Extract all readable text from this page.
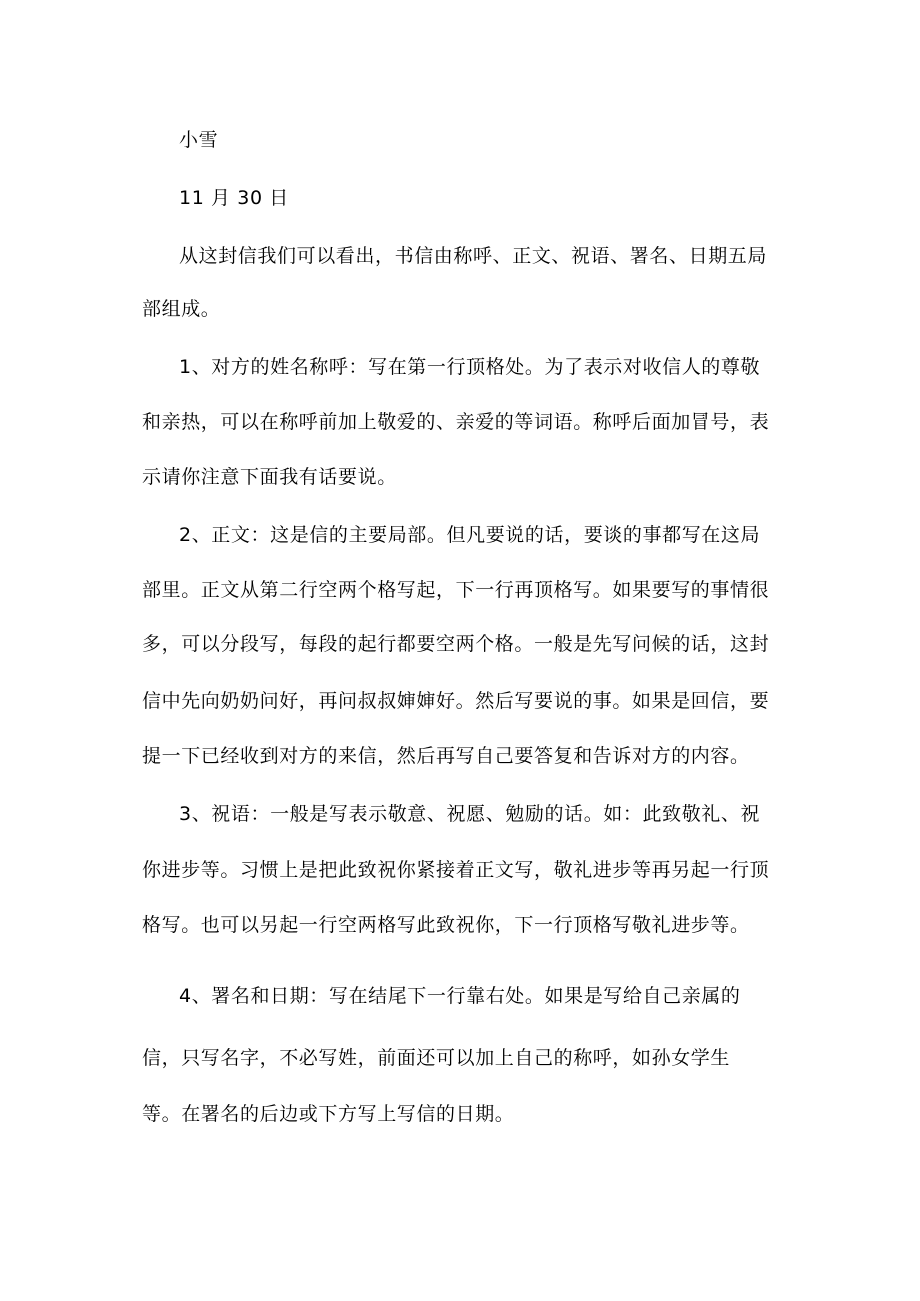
小雪
11 月 30 日
从这封信我们可以看出，书信由称呼、正文、祝语、署名、日期五局
部组成。
1、对方的姓名称呼：写在第一行顶格处。为了表示对收信人的尊敬
和亲热，可以在称呼前加上敬爱的、亲爱的等词语。称呼后面加冒号，表
示请你注意下面我有话要说。
2、正文：这是信的主要局部。但凡要说的话，要谈的事都写在这局
部里。正文从第二行空两个格写起，下一行再顶格写。如果要写的事情很
多，可以分段写，每段的起行都要空两个格。一般是先写问候的话，这封
信中先向奶奶问好，再问叔叔婶婶好。然后写要说的事。如果是回信，要
提一下已经收到对方的来信，然后再写自己要答复和告诉对方的内容。
3、祝语：一般是写表示敬意、祝愿、勉励的话。如：此致敬礼、祝
你进步等。习惯上是把此致祝你紧接着正文写，敬礼进步等再另起一行顶
格写。也可以另起一行空两格写此致祝你，下一行顶格写敬礼进步等。
4、署名和日期：写在结尾下一行靠右处。如果是写给自己亲属的
信，只写名字，不必写姓，前面还可以加上自己的称呼，如孙女学生
等。在署名的后边或下方写上写信的日期。
